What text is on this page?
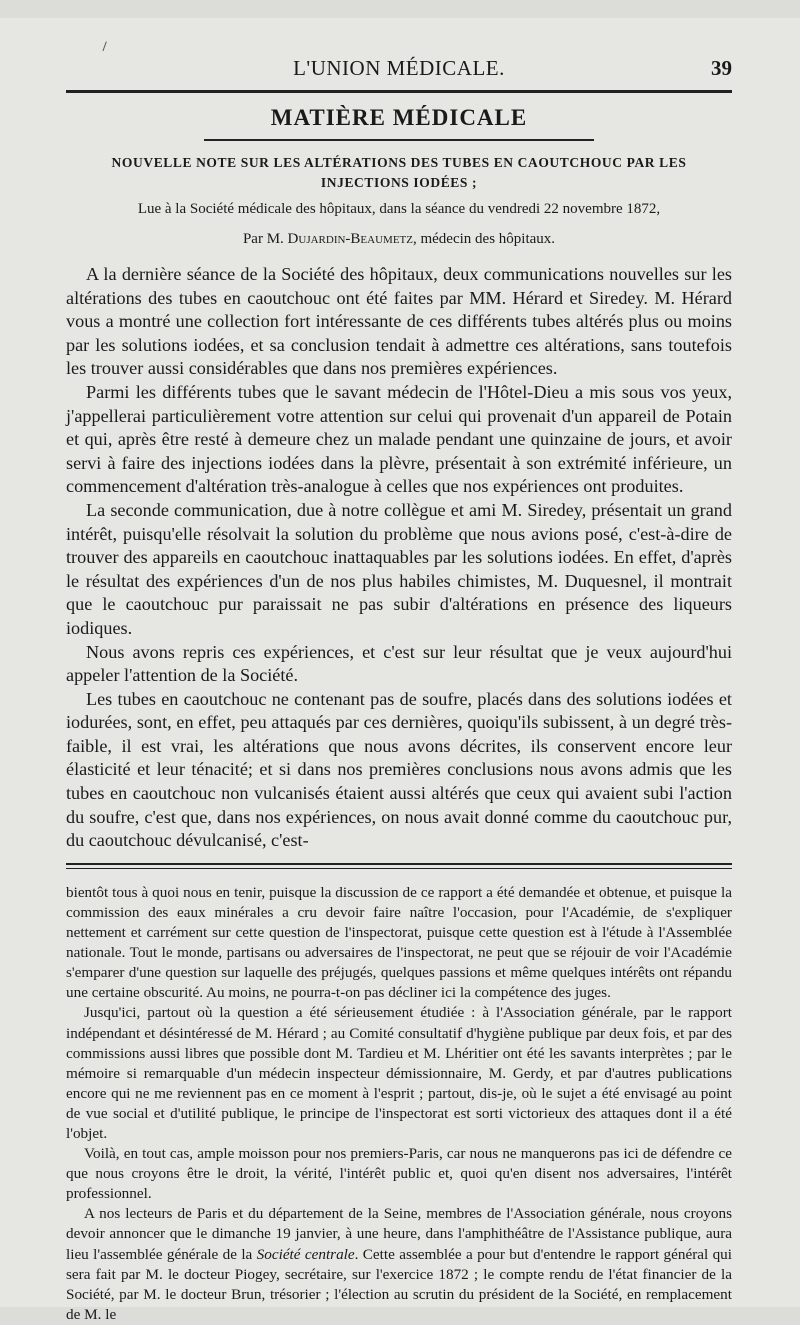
L'UNION MÉDICALE.	39
MATIÈRE MÉDICALE
NOUVELLE NOTE SUR LES ALTÉRATIONS DES TUBES EN CAOUTCHOUC PAR LES
INJECTIONS IODÉES ;
Lue à la Société médicale des hôpitaux, dans la séance du vendredi 22 novembre 1872,
Par M. Dujardin-Beaumetz, médecin des hôpitaux.

A la dernière séance de la Société des hôpitaux, deux communications nouvelles sur les altérations des tubes en caoutchouc ont été faites par MM. Hérard et Siredey. M. Hérard vous a montré une collection fort intéressante de ces différents tubes altérés plus ou moins par les solutions iodées, et sa conclusion tendait à admettre ces altérations, sans toutefois les trouver aussi considérables que dans nos premières expériences.

Parmi les différents tubes que le savant médecin de l'Hôtel-Dieu a mis sous vos yeux, j'appellerai particulièrement votre attention sur celui qui provenait d'un appareil de Potain et qui, après être resté à demeure chez un malade pendant une quinzaine de jours, et avoir servi à faire des injections iodées dans la plèvre, présentait à son extrémité inférieure, un commencement d'altération très-analogue à celles que nos expériences ont produites.

La seconde communication, due à notre collègue et ami M. Siredey, présentait un grand intérêt, puisqu'elle résolvait la solution du problème que nous avions posé, c'est-à-dire de trouver des appareils en caoutchouc inattaquables par les solutions iodées. En effet, d'après le résultat des expériences d'un de nos plus habiles chimistes, M. Duquesnel, il montrait que le caoutchouc pur paraissait ne pas subir d'altérations en présence des liqueurs iodiques.

Nous avons repris ces expériences, et c'est sur leur résultat que je veux aujourd'hui appeler l'attention de la Société.

Les tubes en caoutchouc ne contenant pas de soufre, placés dans des solutions iodées et iodurées, sont, en effet, peu attaqués par ces dernières, quoiqu'ils subissent, à un degré très-faible, il est vrai, les altérations que nous avons décrites, ils conservent encore leur élasticité et leur ténacité; et si dans nos premières conclusions nous avons admis que les tubes en caoutchouc non vulcanisés étaient aussi altérés que ceux qui avaient subi l'action du soufre, c'est que, dans nos expériences, on nous avait donné comme du caoutchouc pur, du caoutchouc dévulcanisé, c'est-

bientôt tous à quoi nous en tenir, puisque la discussion de ce rapport a été demandée et obtenue, et puisque la commission des eaux minérales a cru devoir faire naître l'occasion, pour l'Académie, de s'expliquer nettement et carrément sur cette question de l'inspectorat, puisque cette question est à l'étude à l'Assemblée nationale. Tout le monde, partisans ou adversaires de l'inspectorat, ne peut que se réjouir de voir l'Académie s'emparer d'une question sur laquelle des préjugés, quelques passions et même quelques intérêts ont répandu une certaine obscurité. Au moins, ne pourra-t-on pas décliner ici la compétence des juges.

Jusqu'ici, partout où la question a été sérieusement étudiée : à l'Association générale, par le rapport indépendant et désintéressé de M. Hérard ; au Comité consultatif d'hygiène publique par deux fois, et par des commissions aussi libres que possible dont M. Tardieu et M. Lhéritier ont été les savants interprètes ; par le mémoire si remarquable d'un médecin inspecteur démissionnaire, M. Gerdy, et par d'autres publications encore qui ne me reviennent pas en ce moment à l'esprit ; partout, dis-je, où le sujet a été envisagé au point de vue social et d'utilité publique, le principe de l'inspectorat est sorti victorieux des attaques dont il a été l'objet.

Voilà, en tout cas, ample moisson pour nos premiers-Paris, car nous ne manquerons pas ici de défendre ce que nous croyons être le droit, la vérité, l'intérêt public et, quoi qu'en disent nos adversaires, l'intérêt professionnel.

A nos lecteurs de Paris et du département de la Seine, membres de l'Association générale, nous croyons devoir annoncer que le dimanche 19 janvier, à une heure, dans l'amphithéâtre de l'Assistance publique, aura lieu l'assemblée générale de la Société centrale. Cette assemblée a pour but d'entendre le rapport général qui sera fait par M. le docteur Piogey, secrétaire, sur l'exercice 1872 ; le compte rendu de l'état financier de la Société, par M. le docteur Brun, trésorier ; l'élection au scrutin du président de la Société, en remplacement de M. le
